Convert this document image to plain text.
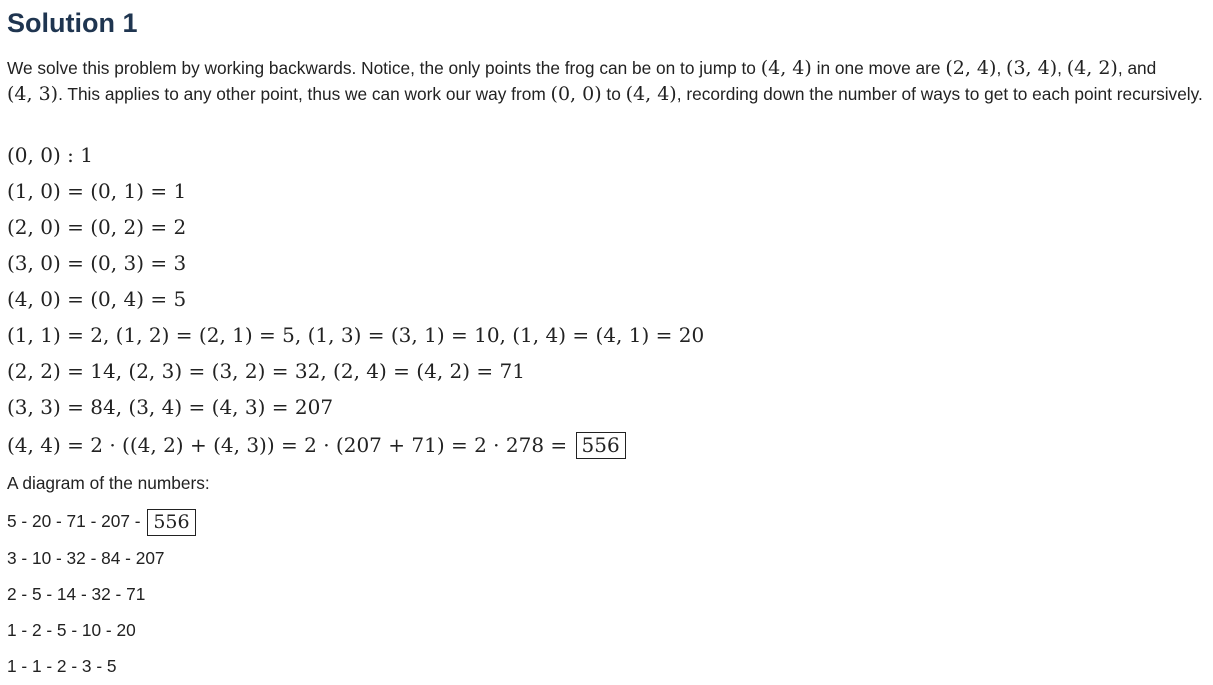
Solution 1

We solve this problem by working backwards. Notice, the only points the frog can be on to jump to (4, 4) in one move are (2, 4), (3, 4), (4, 2), and (4, 3). This applies to any other point, thus we can work our way from (0, 0) to (4, 4), recording down the number of ways to get to each point recursively.

(0, 0) : 1

(1, 0) = (0, 1) = 1

(2, 0) = (0, 2) = 2

(3, 0) = (0, 3) = 3

(4, 0) = (0, 4) = 5

(1, 1) = 2, (1, 2) = (2, 1) = 5, (1, 3) = (3, 1) = 10, (1, 4) = (4, 1) = 20

(2, 2) = 14, (2, 3) = (3, 2) = 32, (2, 4) = (4, 2) = 71

(3, 3) = 84, (3, 4) = (4, 3) = 207

(4, 4) = 2 · ((4, 2) + (4, 3)) = 2 · (207 + 71) = 2 · 278 = 556

A diagram of the numbers:

5 - 20 - 71 - 207 - 556

3 - 10 - 32 - 84 - 207

2 - 5 - 14 - 32 - 71

1 - 2 - 5 - 10 - 20

1 - 1 - 2 - 3 - 5
